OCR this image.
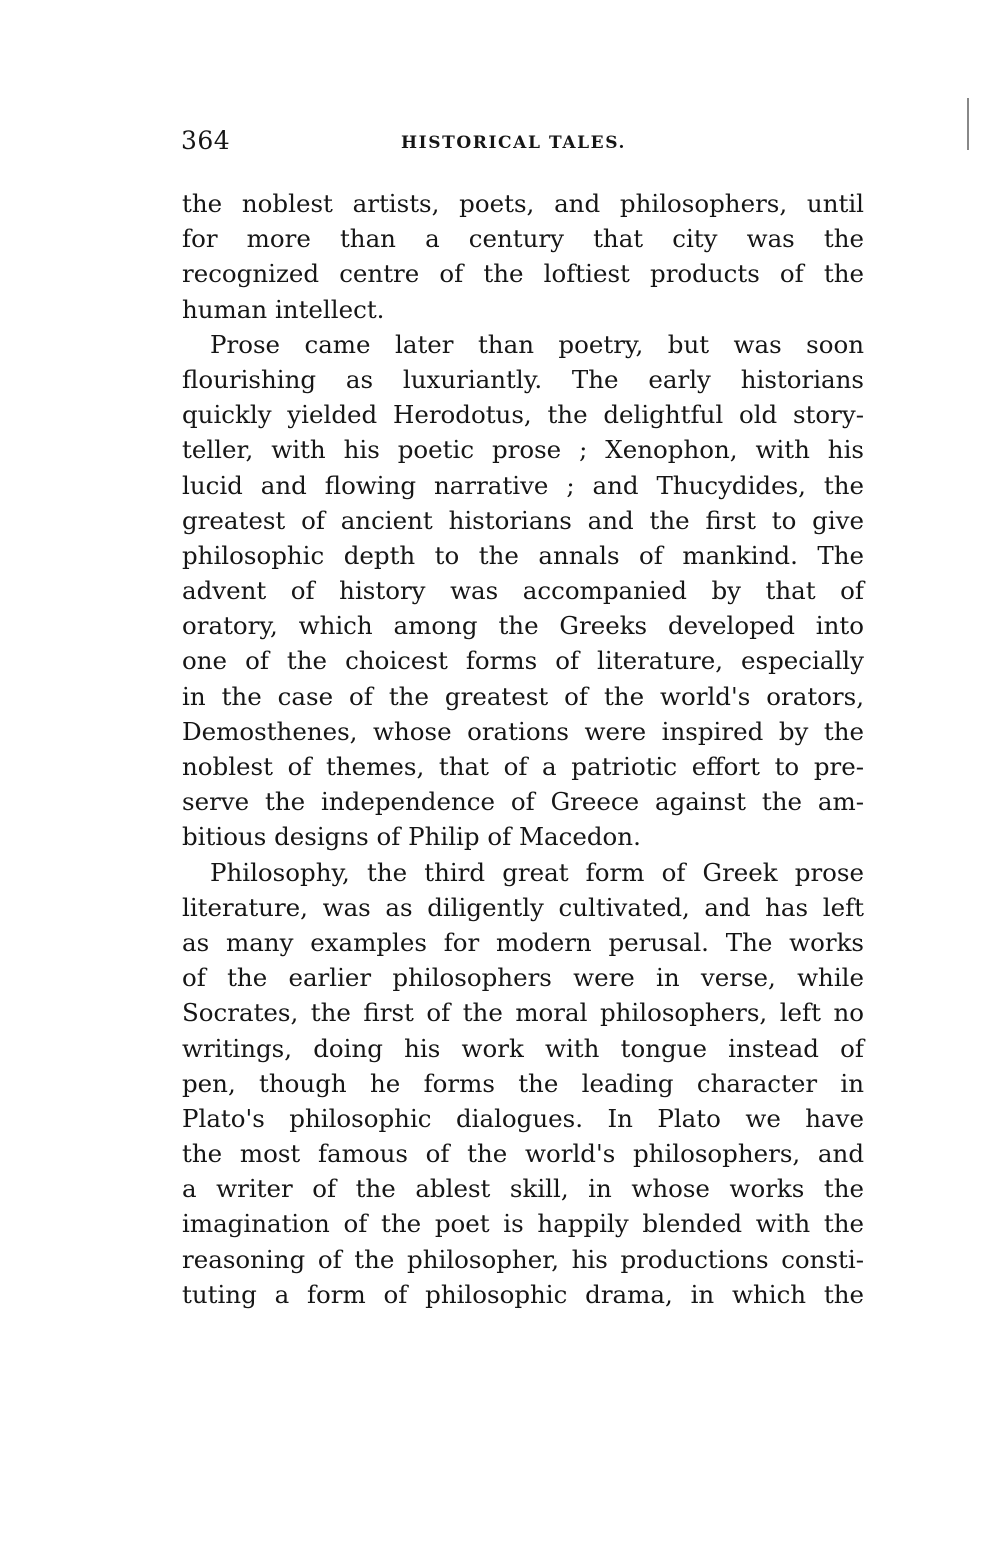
364	HISTORICAL TALES.
the noblest artists, poets, and philosophers, until
for more than a century that city was the
recognized centre of the loftiest products of the
human intellect.
Prose came later than poetry, but was soon
flourishing as luxuriantly. The early historians
quickly yielded Herodotus, the delightful old story-
teller, with his poetic prose ; Xenophon, with his
lucid and flowing narrative ; and Thucydides, the
greatest of ancient historians and the first to give
philosophic depth to the annals of mankind. The
advent of history was accompanied by that of
oratory, which among the Greeks developed into
one of the choicest forms of literature, especially
in the case of the greatest of the world's orators,
Demosthenes, whose orations were inspired by the
noblest of themes, that of a patriotic effort to pre-
serve the independence of Greece against the am-
bitious designs of Philip of Macedon.
Philosophy, the third great form of Greek prose
literature, was as diligently cultivated, and has left
as many examples for modern perusal. The works
of the earlier philosophers were in verse, while
Socrates, the first of the moral philosophers, left no
writings, doing his work with tongue instead of
pen, though he forms the leading character in
Plato's philosophic dialogues. In Plato we have
the most famous of the world's philosophers, and
a writer of the ablest skill, in whose works the
imagination of the poet is happily blended with the
reasoning of the philosopher, his productions consti-
tuting a form of philosophic drama, in which the
